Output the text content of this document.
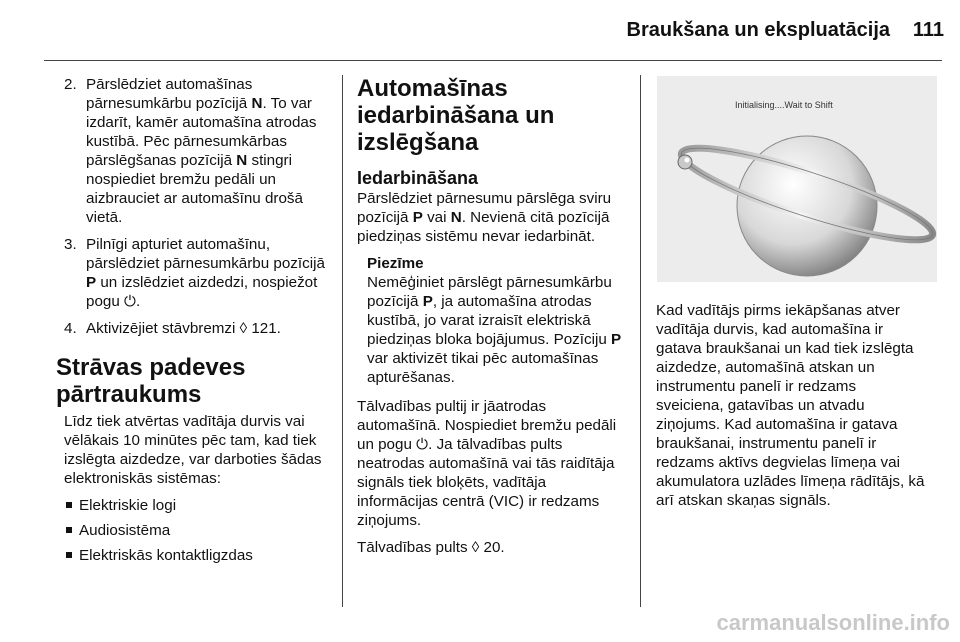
Braukšana un ekspluatācija 111
2. Pārslēdziet automašīnas pārnesumkārbu pozīcijā N. To var izdarīt, kamēr automašīna atrodas kustībā. Pēc pārnesumkārbas pārslēgšanas pozīcijā N stingri nospiediet bremžu pedāli un aizbrauciet ar automašīnu drošā vietā.
3. Pilnīgi apturiet automašīnu, pārslēdziet pārnesumkārbu pozīcijā P un izslēdziet aizdedzi, nospiežot pogu ⏻.
4. Aktivizējiet stāvbremzi ◊ 121.
Strāvas padeves pārtraukums
Līdz tiek atvērtas vadītāja durvis vai vēlākais 10 minūtes pēc tam, kad tiek izslēgta aizdedze, var darboties šādas elektroniskās sistēmas:
Elektriskie logi
Audiosistēma
Elektriskās kontaktligzdas
Automašīnas iedarbināšana un izslēgšana
Iedarbināšana
Pārslēdziet pārnesumu pārslēga sviru pozīcijā P vai N. Nevienā citā pozīcijā piedziņas sistēmu nevar iedarbināt.
Piezīme
Nemēģiniet pārslēgt pārnesumkārbu pozīcijā P, ja automašīna atrodas kustībā, jo varat izraisīt elektriskā piedziņas bloka bojājumus. Pozīciju P var aktivizēt tikai pēc automašīnas apturēšanas.
Tālvadības pultij ir jāatrodas automašīnā. Nospiediet bremžu pedāli un pogu ⏻. Ja tālvadības pults neatrodas automašīnā vai tās raidītāja signāls tiek bloķēts, vadītāja informācijas centrā (VIC) ir redzams ziņojums.
Tālvadības pults ◊ 20.
Initialising....Wait to Shift
Kad vadītājs pirms iekāpšanas atver vadītāja durvis, kad automašīna ir gatava braukšanai un kad tiek izslēgta aizdedze, automašīnā atskan un instrumentu panelī ir redzams sveiciena, gatavības un atvadu ziņojums. Kad automašīna ir gatava braukšanai, instrumentu panelī ir redzams aktīvs degvielas līmeņa vai akumulatora uzlādes līmeņa rādītājs, kā arī atskan skaņas signāls.
carmanualsonline.info
